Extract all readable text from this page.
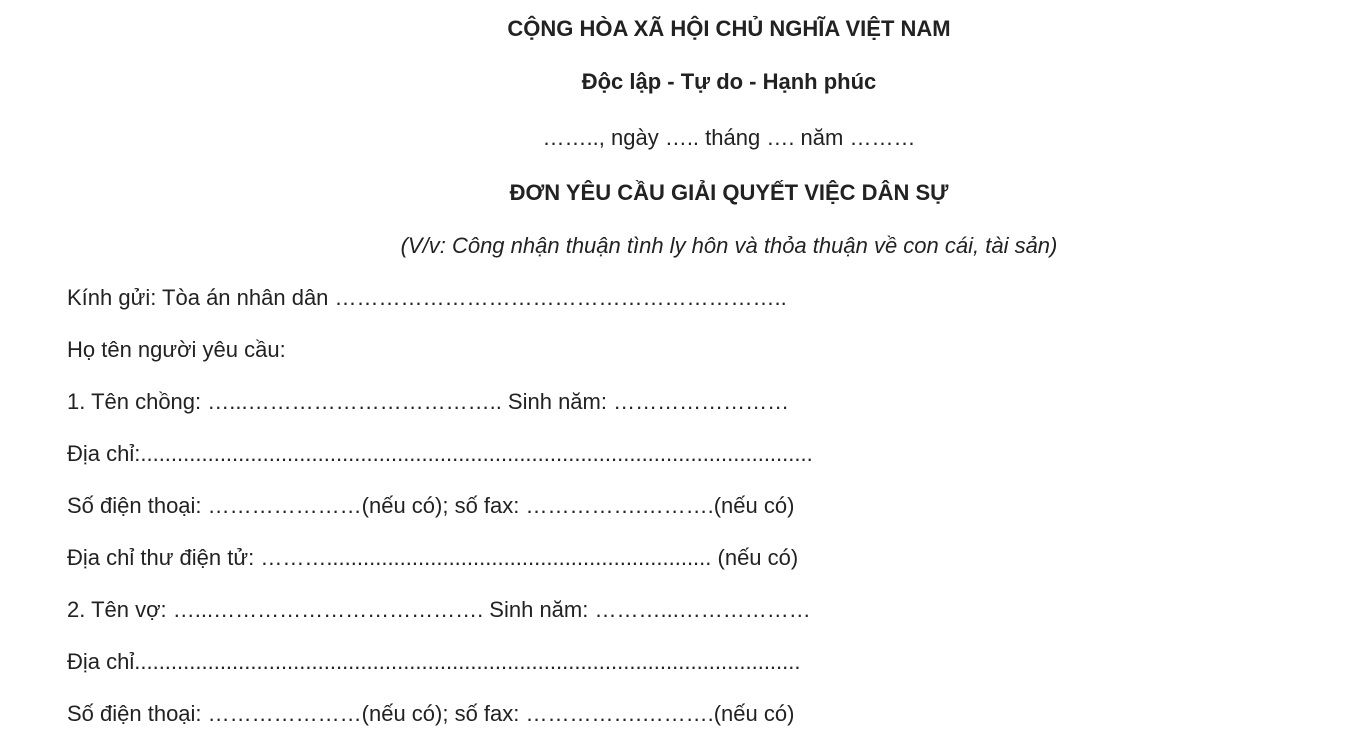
CỘNG HÒA XÃ HỘI CHỦ NGHĨA VIỆT NAM
Độc lập - Tự do - Hạnh phúc
…….., ngày ….. tháng …. năm ………
ĐƠN YÊU CẦU GIẢI QUYẾT VIỆC DÂN SỰ
(V/v: Công nhận thuận tình ly hôn và thỏa thuận về con cái, tài sản)
Kính gửi: Tòa án nhân dân ……………………………………………………..
Họ tên người yêu cầu:
1. Tên chồng: …...…………………………….. Sinh năm: ……………………
Địa chỉ:..............................................................................................................
Số điện thoại: …………………(nếu có); số fax: …………….……….(nếu có)
Địa chỉ thư điện tử: ………............................................................... (nếu có)
2. Tên vợ: …...………………………………. Sinh năm: ………...………………
Địa chỉ.............................................................................................................
Số điện thoại: …………………(nếu có); số fax: …………….……….(nếu có)
